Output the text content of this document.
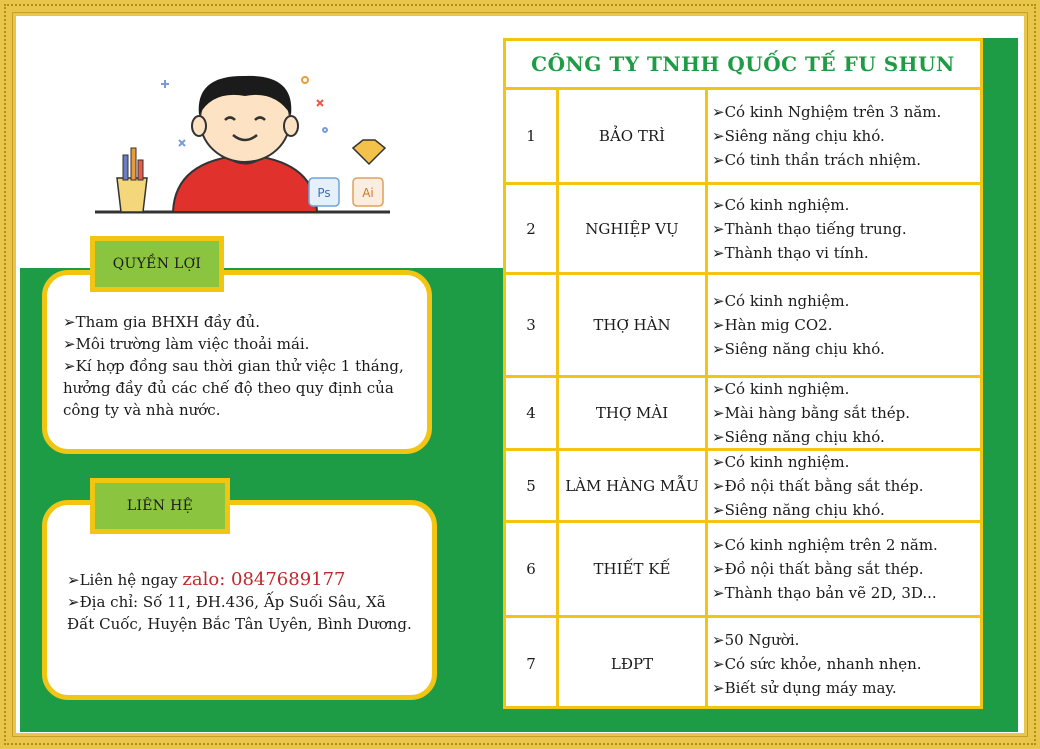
Ps	Ai

➢Tham gia BHXH đầy đủ.

➢Môi trường làm việc thoải mái.

➢Kí hợp đồng sau thời gian thử việc 1 tháng, hưởng đầy đủ các chế độ theo quy định của công ty và nhà nước.

QUYỀN LỢI

➢Liên hệ ngay zalo: 0847689177

➢Địa chỉ: Số 11, ĐH.436, Ấp Suối Sâu, Xã Đất Cuốc, Huyện Bắc Tân Uyên, Bình Dương.

LIÊN HỆ
CÔNG TY TNHH QUỐC TẾ FU SHUN
1	BẢO TRÌ
➢Có kinh Nghiệm trên 3 năm.
➢Siêng năng chịu khó.
➢Có tinh thần trách nhiệm.
2	NGHIỆP VỤ
➢Có kinh nghiệm.
➢Thành thạo tiếng trung.
➢Thành thạo vi tính.
3	THỢ HÀN
➢Có kinh nghiệm.
➢Hàn mig CO2.
➢Siêng năng chịu khó.
4	THỢ MÀI
➢Có kinh nghiệm.
➢Mài hàng bằng sắt thép.
➢Siêng năng chịu khó.
5	LÀM HÀNG MẪU
➢Có kinh nghiệm.
➢Đồ nội thất bằng sắt thép.
➢Siêng năng chịu khó.
6	THIẾT KẾ
➢Có kinh nghiệm trên 2 năm.
➢Đồ nội thất bằng sắt thép.
➢Thành thạo bản vẽ 2D, 3D...
7	LĐPT
➢50 Người.
➢Có sức khỏe, nhanh nhẹn.
➢Biết sử dụng máy may.
